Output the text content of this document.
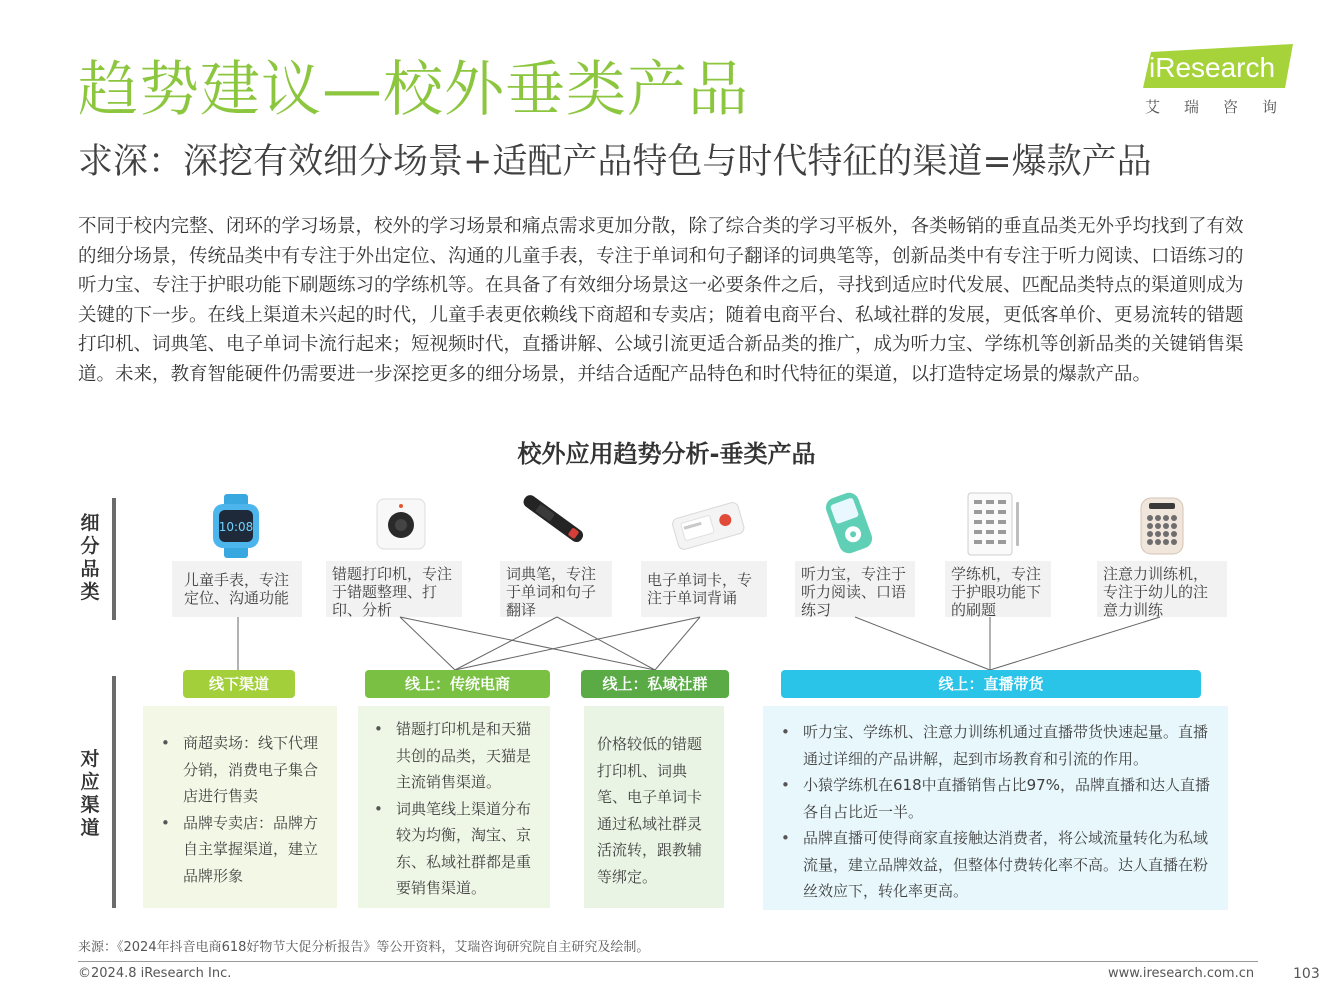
趋势建议—校外垂类产品
求深：深挖有效细分场景+适配产品特色与时代特征的渠道=爆款产品
iResearch
艾瑞咨询
不同于校内完整、闭环的学习场景，校外的学习场景和痛点需求更加分散，除了综合类的学习平板外，各类畅销的垂直品类无外乎均找到了有效的细分场景，传统品类中有专注于外出定位、沟通的儿童手表，专注于单词和句子翻译的词典笔等，创新品类中有专注于听力阅读、口语练习的听力宝、专注于护眼功能下刷题练习的学练机等。在具备了有效细分场景这一必要条件之后，寻找到适应时代发展、匹配品类特点的渠道则成为关键的下一步。在线上渠道未兴起的时代，儿童手表更依赖线下商超和专卖店；随着电商平台、私域社群的发展，更低客单价、更易流转的错题打印机、词典笔、电子单词卡流行起来；短视频时代，直播讲解、公域引流更适合新品类的推广，成为听力宝、学练机等创新品类的关键销售渠道。未来，教育智能硬件仍需要进一步深挖更多的细分场景，并结合适配产品特色和时代特征的渠道，以打造特定场景的爆款产品。
校外应用趋势分析-垂类产品
细分品类
对应渠道
10:08
儿童手表，专注定位、沟通功能
错题打印机，专注于错题整理、打印、分析
词典笔，专注于单词和句子翻译
电子单词卡，专注于单词背诵
听力宝，专注于听力阅读、口语练习
学练机，专注于护眼功能下的刷题
注意力训练机，专注于幼儿的注意力训练
线下渠道	线上：传统电商	线上：私域社群	线上：直播带货
• 商超卖场：线下代理分销，消费电子集合店进行售卖
• 品牌专卖店：品牌方自主掌握渠道，建立品牌形象
• 错题打印机是和天猫共创的品类，天猫是主流销售渠道。
• 词典笔线上渠道分布较为均衡，淘宝、京东、私域社群都是重要销售渠道。
价格较低的错题打印机、词典笔、电子单词卡通过私域社群灵活流转，跟教辅等绑定。
• 听力宝、学练机、注意力训练机通过直播带货快速起量。直播通过详细的产品讲解，起到市场教育和引流的作用。
• 小猿学练机在618中直播销售占比97%，品牌直播和达人直播各自占比近一半。
• 品牌直播可使得商家直接触达消费者，将公域流量转化为私域流量，建立品牌效益，但整体付费转化率不高。达人直播在粉丝效应下，转化率更高。
来源：《2024年抖音电商618好物节大促分析报告》等公开资料，艾瑞咨询研究院自主研究及绘制。
©2024.8 iResearch Inc.	www.iresearch.com.cn	103
